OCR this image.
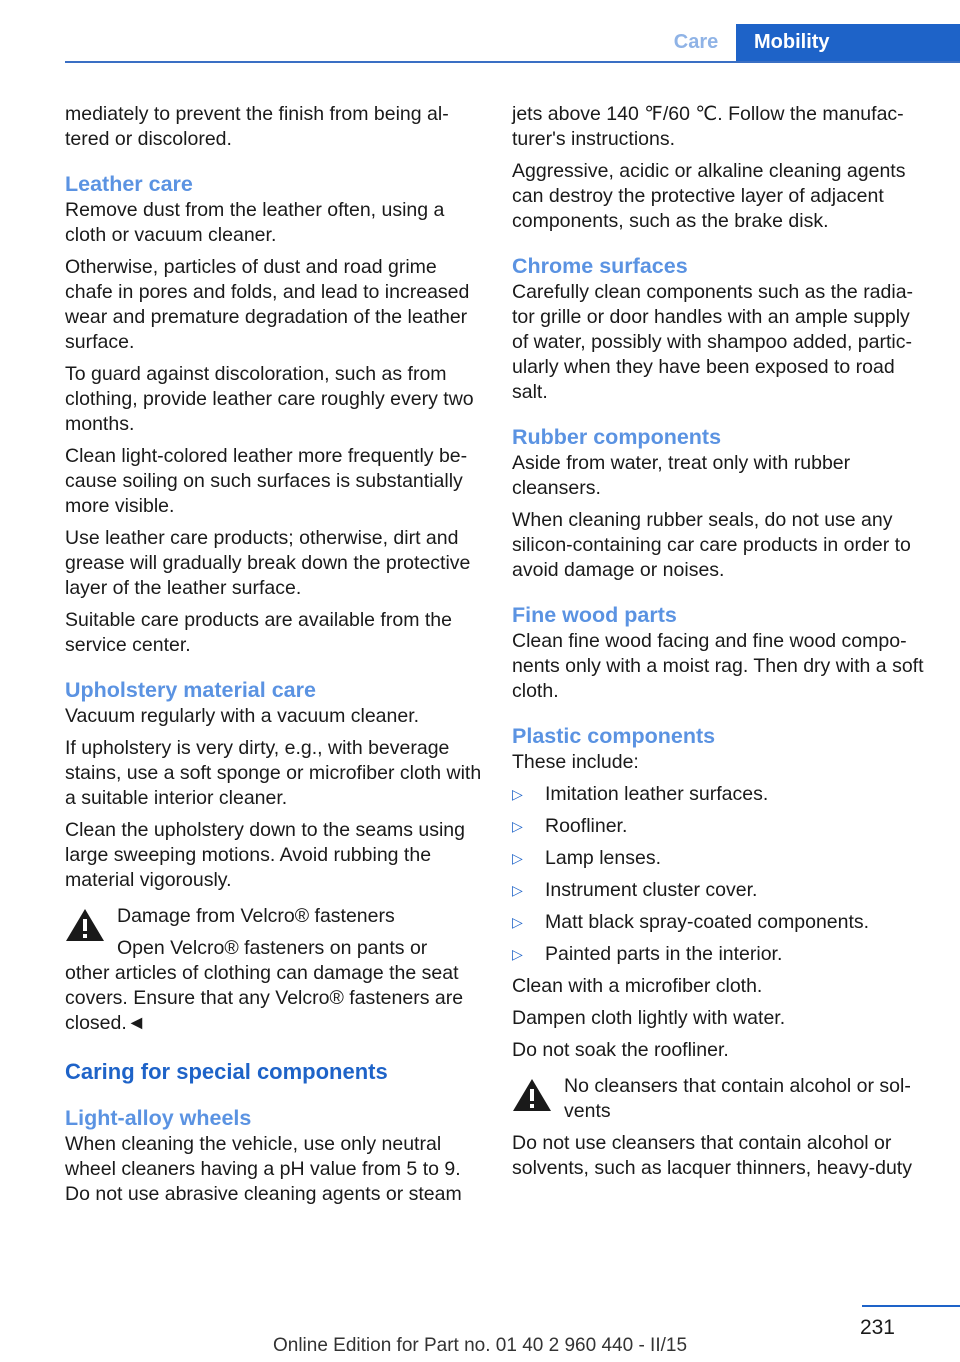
Care	Mobility

mediately to prevent the finish from being al-tered or discolored.

Leather care

Remove dust from the leather often, using a cloth or vacuum cleaner.

Otherwise, particles of dust and road grime chafe in pores and folds, and lead to increased wear and premature degradation of the leather surface.

To guard against discoloration, such as from clothing, provide leather care roughly every two months.

Clean light-colored leather more frequently be-cause soiling on such surfaces is substantially more visible.

Use leather care products; otherwise, dirt and grease will gradually break down the protective layer of the leather surface.

Suitable care products are available from the service center.

Upholstery material care

Vacuum regularly with a vacuum cleaner.

If upholstery is very dirty, e.g., with beverage stains, use a soft sponge or microfiber cloth with a suitable interior cleaner.

Clean the upholstery down to the seams using large sweeping motions. Avoid rubbing the material vigorously.

Damage from Velcro® fasteners

Open Velcro® fasteners on pants or
other articles of clothing can damage the seat covers. Ensure that any Velcro® fasteners are closed.◄

Caring for special components
Light-alloy wheels

When cleaning the vehicle, use only neutral wheel cleaners having a pH value from 5 to 9. Do not use abrasive cleaning agents or steam

jets above 140 ℉/60 ℃. Follow the manufac-turer's instructions.

Aggressive, acidic or alkaline cleaning agents can destroy the protective layer of adjacent components, such as the brake disk.

Chrome surfaces

Carefully clean components such as the radia-tor grille or door handles with an ample supply of water, possibly with shampoo added, partic-ularly when they have been exposed to road salt.

Rubber components

Aside from water, treat only with rubber cleansers.

When cleaning rubber seals, do not use any silicon-containing car care products in order to avoid damage or noises.

Fine wood parts

Clean fine wood facing and fine wood compo-nents only with a moist rag. Then dry with a soft cloth.

Plastic components

These include:

▷ Imitation leather surfaces.
▷ Roofliner.
▷ Lamp lenses.
▷ Instrument cluster cover.
▷ Matt black spray-coated components.
▷ Painted parts in the interior.

Clean with a microfiber cloth.

Dampen cloth lightly with water.

Do not soak the roofliner.

No cleansers that contain alcohol or sol-vents

Do not use cleansers that contain alcohol or solvents, such as lacquer thinners, heavy-duty

231
Online Edition for Part no. 01 40 2 960 440 - II/15
